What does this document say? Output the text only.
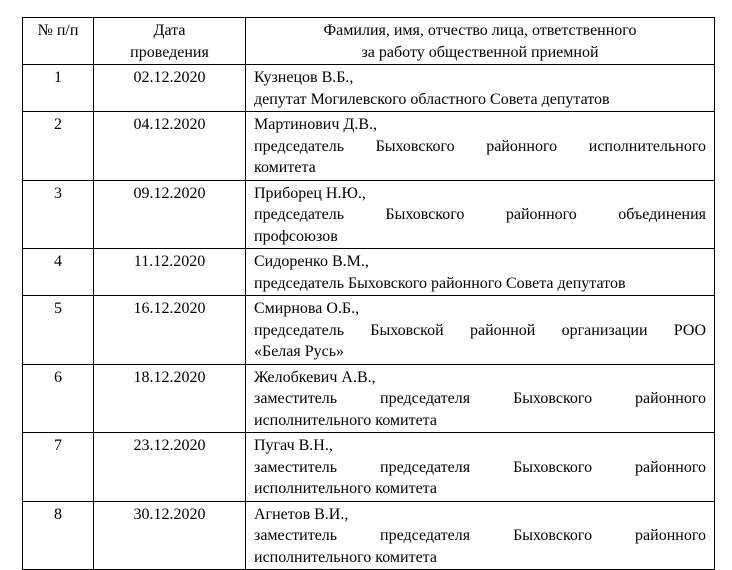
№ п/п	Дата
проведения	Фамилия, имя, отчество лица, ответственного
за работу общественной приемной
1	02.12.2020	Кузнецов В.Б.,
депутат Могилевского областного Совета депутатов

2	04.12.2020	Мартинович Д.В.,
председатель Быховского районного исполнительного
комитета

3	09.12.2020	Приборец Н.Ю.,
председатель Быховского районного объединения
профсоюзов

4	11.12.2020	Сидоренко В.М.,
председатель Быховского районного Совета депутатов

5	16.12.2020	Смирнова О.Б.,
председатель Быховской районной организации РОО
«Белая Русь»

6	18.12.2020	Желобкевич А.В.,
заместитель председателя Быховского районного
исполнительного комитета

7	23.12.2020	Пугач В.Н.,
заместитель председателя Быховского районного
исполнительного комитета

8	30.12.2020	Агнетов В.И.,
заместитель председателя Быховского районного
исполнительного комитета
